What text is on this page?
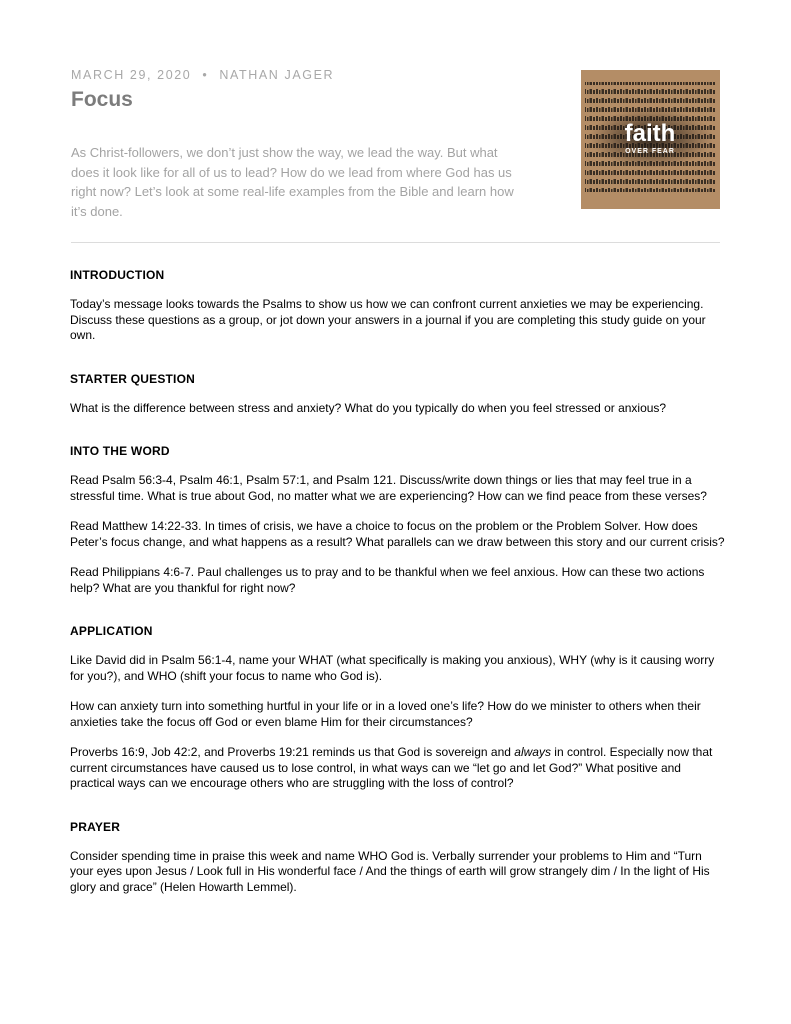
MARCH 29, 2020 • NATHAN JAGER
Focus

As Christ-followers, we don’t just show the way, we lead the way. But what does it look like for all of us to lead? How do we lead from where God has us right now? Let’s look at some real-life examples from the Bible and learn how it’s done.

faith
OVER FEAR
INTRODUCTION

Today’s message looks towards the Psalms to show us how we can confront current anxieties we may be experiencing. Discuss these questions as a group, or jot down your answers in a journal if you are completing this study guide on your own.

STARTER QUESTION

What is the difference between stress and anxiety? What do you typically do when you feel stressed or anxious?

INTO THE WORD

Read Psalm 56:3-4, Psalm 46:1, Psalm 57:1, and Psalm 121. Discuss/write down things or lies that may feel true in a stressful time. What is true about God, no matter what we are experiencing? How can we find peace from these verses?

Read Matthew 14:22-33. In times of crisis, we have a choice to focus on the problem or the Problem Solver. How does Peter’s focus change, and what happens as a result? What parallels can we draw between this story and our current crisis?

Read Philippians 4:6-7. Paul challenges us to pray and to be thankful when we feel anxious. How can these two actions help? What are you thankful for right now?

APPLICATION

Like David did in Psalm 56:1-4, name your WHAT (what specifically is making you anxious), WHY (why is it causing worry for you?), and WHO (shift your focus to name who God is).

How can anxiety turn into something hurtful in your life or in a loved one’s life? How do we minister to others when their anxieties take the focus off God or even blame Him for their circumstances?

Proverbs 16:9, Job 42:2, and Proverbs 19:21 reminds us that God is sovereign and always in control. Especially now that current circumstances have caused us to lose control, in what ways can we “let go and let God?” What positive and practical ways can we encourage others who are struggling with the loss of control?

PRAYER

Consider spending time in praise this week and name WHO God is. Verbally surrender your problems to Him and “Turn your eyes upon Jesus / Look full in His wonderful face / And the things of earth will grow strangely dim / In the light of His glory and grace” (Helen Howarth Lemmel).
